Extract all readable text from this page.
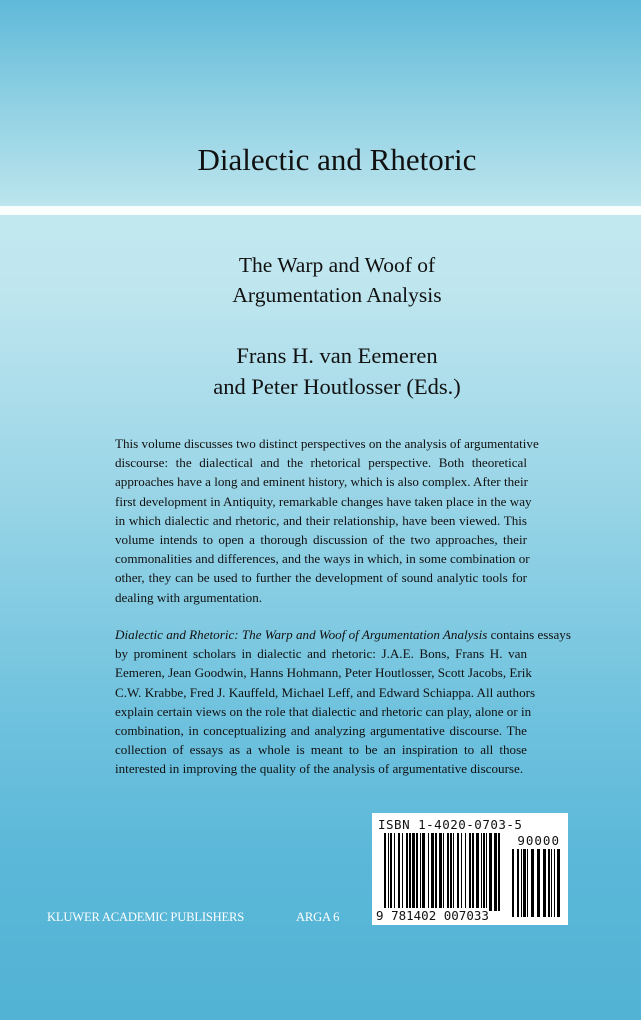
Dialectic and Rhetoric
The Warp and Woof of
Argumentation Analysis
Frans H. van Eemeren
and Peter Houtlosser (Eds.)
This volume discusses two distinct perspectives on the analysis of argumentative
discourse: the dialectical and the rhetorical perspective. Both theoretical
approaches have a long and eminent history, which is also complex. After their
first development in Antiquity, remarkable changes have taken place in the way
in which dialectic and rhetoric, and their relationship, have been viewed. This
volume intends to open a thorough discussion of the two approaches, their
commonalities and differences, and the ways in which, in some combination or
other, they can be used to further the development of sound analytic tools for
dealing with argumentation.
Dialectic and Rhetoric: The Warp and Woof of Argumentation Analysis contains essays
by prominent scholars in dialectic and rhetoric: J.A.E. Bons, Frans H. van
Eemeren, Jean Goodwin, Hanns Hohmann, Peter Houtlosser, Scott Jacobs, Erik
C.W. Krabbe, Fred J. Kauffeld, Michael Leff, and Edward Schiappa. All authors
explain certain views on the role that dialectic and rhetoric can play, alone or in
combination, in conceptualizing and analyzing argumentative discourse. The
collection of essays as a whole is meant to be an inspiration to all those
interested in improving the quality of the analysis of argumentative discourse.
KLUWER ACADEMIC PUBLISHERS	ARGA 6
ISBN 1-4020-0703-5
90000
9 781402 007033
